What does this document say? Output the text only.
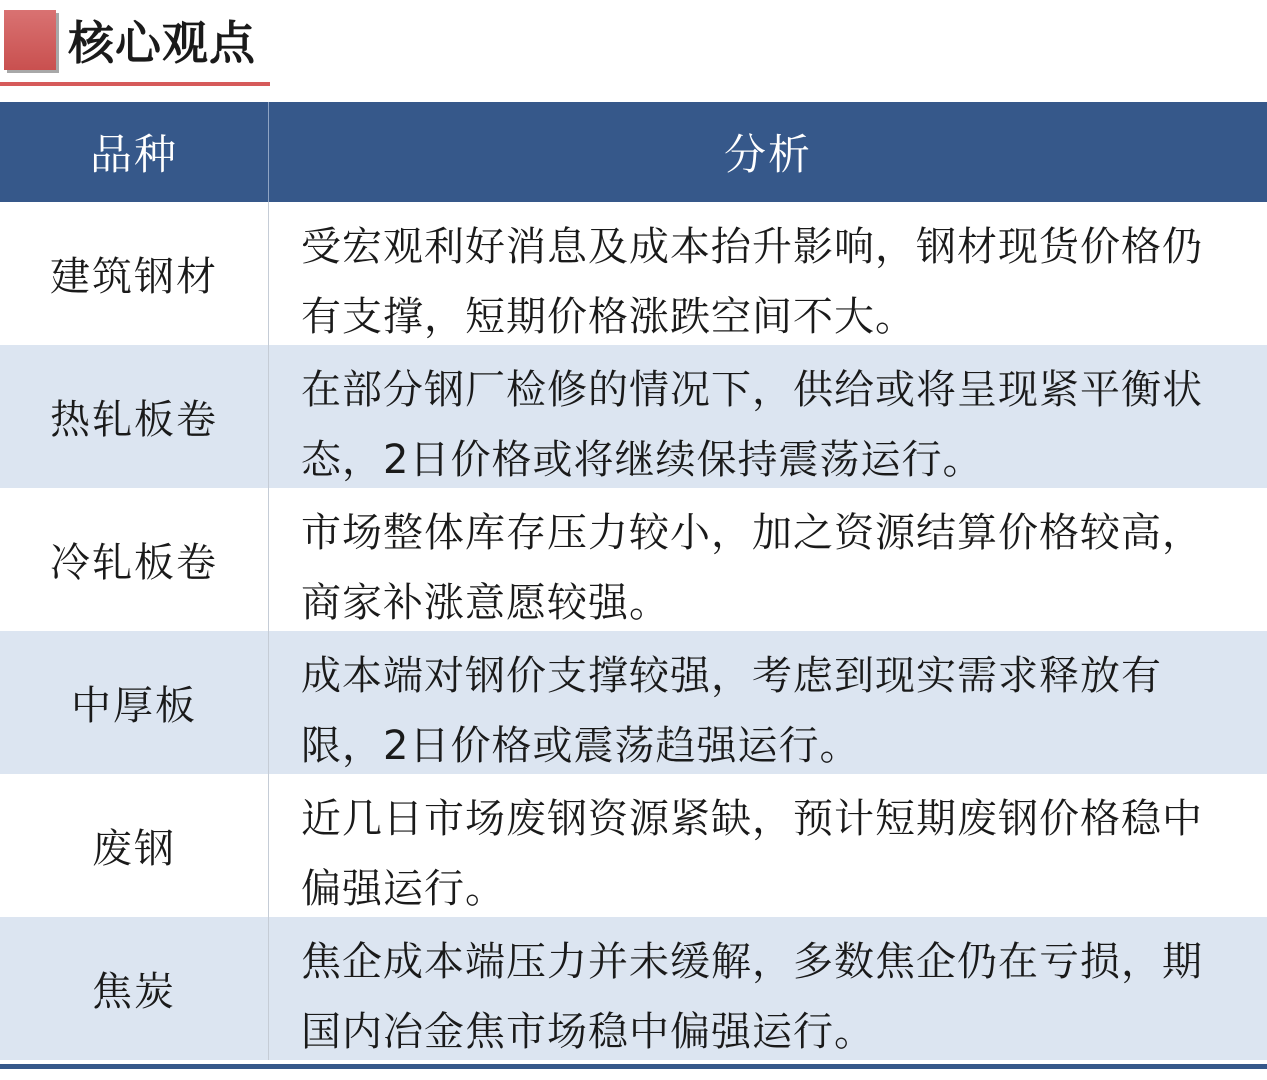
核心观点
品种	分析
建筑钢材
受宏观利好消息及成本抬升影响，钢材现货价格仍有支撑，短期价格涨跌空间不大。
热轧板卷
在部分钢厂检修的情况下，供给或将呈现紧平衡状态，2日价格或将继续保持震荡运行。
冷轧板卷
市场整体库存压力较小，加之资源结算价格较高，商家补涨意愿较强。
中厚板
成本端对钢价支撑较强，考虑到现实需求释放有限，2日价格或震荡趋强运行。
废钢
近几日市场废钢资源紧缺，预计短期废钢价格稳中偏强运行。
焦炭
焦企成本端压力并未缓解，多数焦企仍在亏损，期国内冶金焦市场稳中偏强运行。
